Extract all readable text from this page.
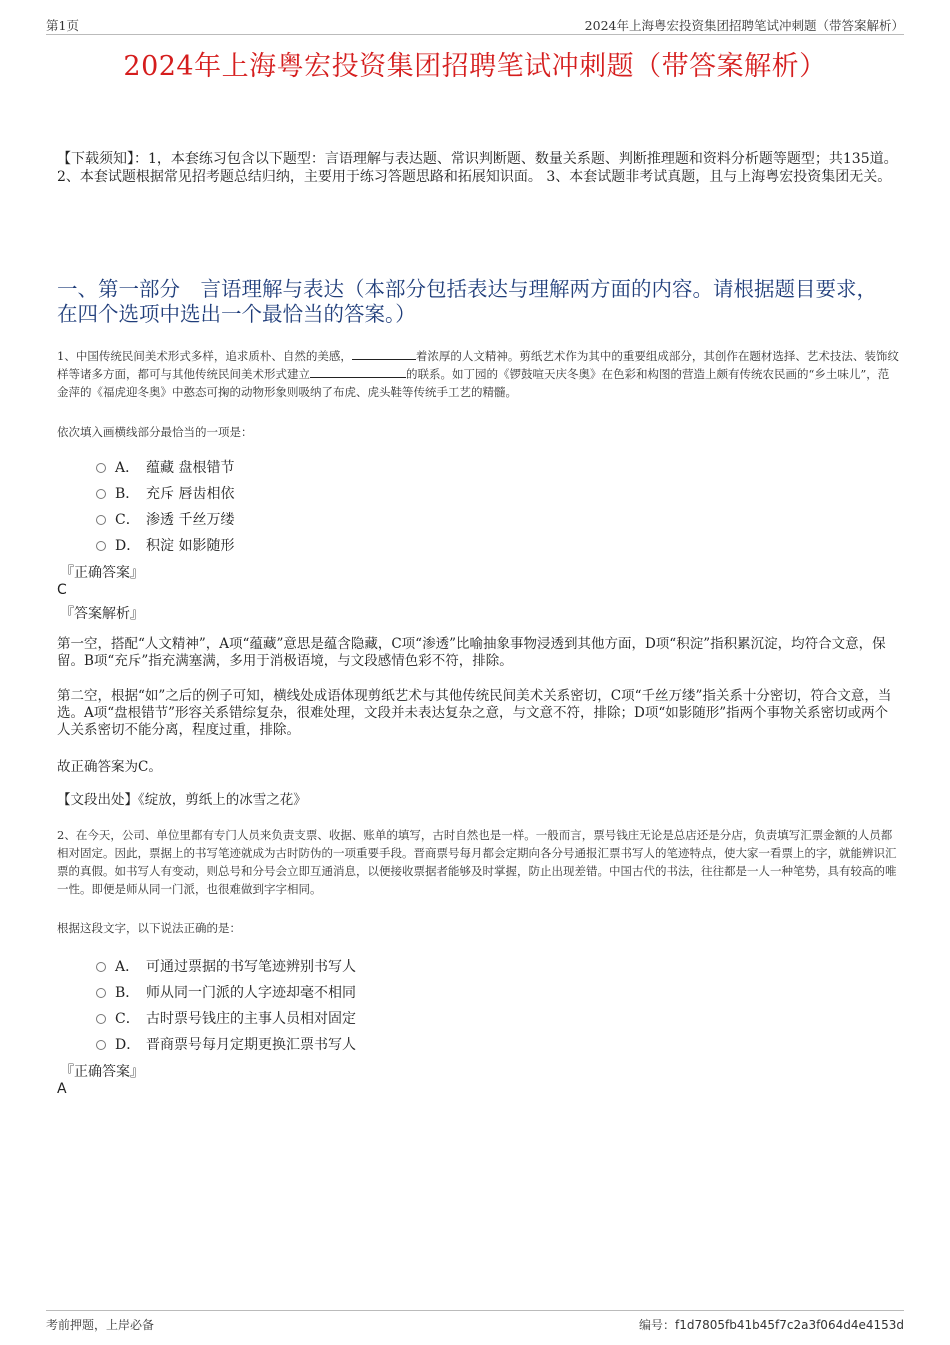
第1页	2024年上海粤宏投资集团招聘笔试冲刺题（带答案解析）
2024年上海粤宏投资集团招聘笔试冲刺题（带答案解析）
【下载须知】：1，本套练习包含以下题型：言语理解与表达题、常识判断题、数量关系题、判断推理题和资料分析题等题型；共135道。 2、本套试题根据常见招考题总结归纳，主要用于练习答题思路和拓展知识面。 3、本套试题非考试真题，且与上海粤宏投资集团无关。
一、第一部分　言语理解与表达（本部分包括表达与理解两方面的内容。请根据题目要求，在四个选项中选出一个最恰当的答案。）
1、中国传统民间美术形式多样，追求质朴、自然的美感，	着浓厚的人文精神。剪纸艺术作为其中的重要组成部分，其创作在题材选择、艺术技法、装饰纹样等诸多方面，都可与其他传统民间美术形式建立	的联系。如丁园的《锣鼓喧天庆冬奥》在色彩和构图的营造上颇有传统农民画的“乡土味儿”，范金萍的《福虎迎冬奥》中憨态可掬的动物形象则吸纳了布虎、虎头鞋等传统手工艺的精髓。
依次填入画横线部分最恰当的一项是：
A． 蕴藏 盘根错节
B． 充斥 唇齿相依
C． 渗透 千丝万缕
D． 积淀 如影随形
『正确答案』
C
『答案解析』
第一空，搭配“人文精神”，A项“蕴藏”意思是蕴含隐藏，C项“渗透”比喻抽象事物浸透到其他方面，D项“积淀”指积累沉淀，均符合文意，保留。B项“充斥”指充满塞满，多用于消极语境，与文段感情色彩不符，排除。
第二空，根据“如”之后的例子可知，横线处成语体现剪纸艺术与其他传统民间美术关系密切，C项“千丝万缕”指关系十分密切，符合文意，当选。A项“盘根错节”形容关系错综复杂，很难处理，文段并未表达复杂之意，与文意不符，排除；D项“如影随形”指两个事物关系密切或两个人关系密切不能分离，程度过重，排除。
故正确答案为C。
【文段出处】《绽放，剪纸上的冰雪之花》
2、在今天，公司、单位里都有专门人员来负责支票、收据、账单的填写，古时自然也是一样。一般而言，票号钱庄无论是总店还是分店，负责填写汇票金额的人员都相对固定。因此，票据上的书写笔迹就成为古时防伪的一项重要手段。晋商票号每月都会定期向各分号通报汇票书写人的笔迹特点，使大家一看票上的字，就能辨识汇票的真假。如书写人有变动，则总号和分号会立即互通消息，以便接收票据者能够及时掌握，防止出现差错。中国古代的书法，往往都是一人一种笔势，具有较高的唯一性。即便是师从同一门派，也很难做到字字相同。
根据这段文字，以下说法正确的是：
A． 可通过票据的书写笔迹辨别书写人
B． 师从同一门派的人字迹却毫不相同
C． 古时票号钱庄的主事人员相对固定
D． 晋商票号每月定期更换汇票书写人
『正确答案』
A
考前押题，上岸必备	编号：f1d7805fb41b45f7c2a3f064d4e4153d
